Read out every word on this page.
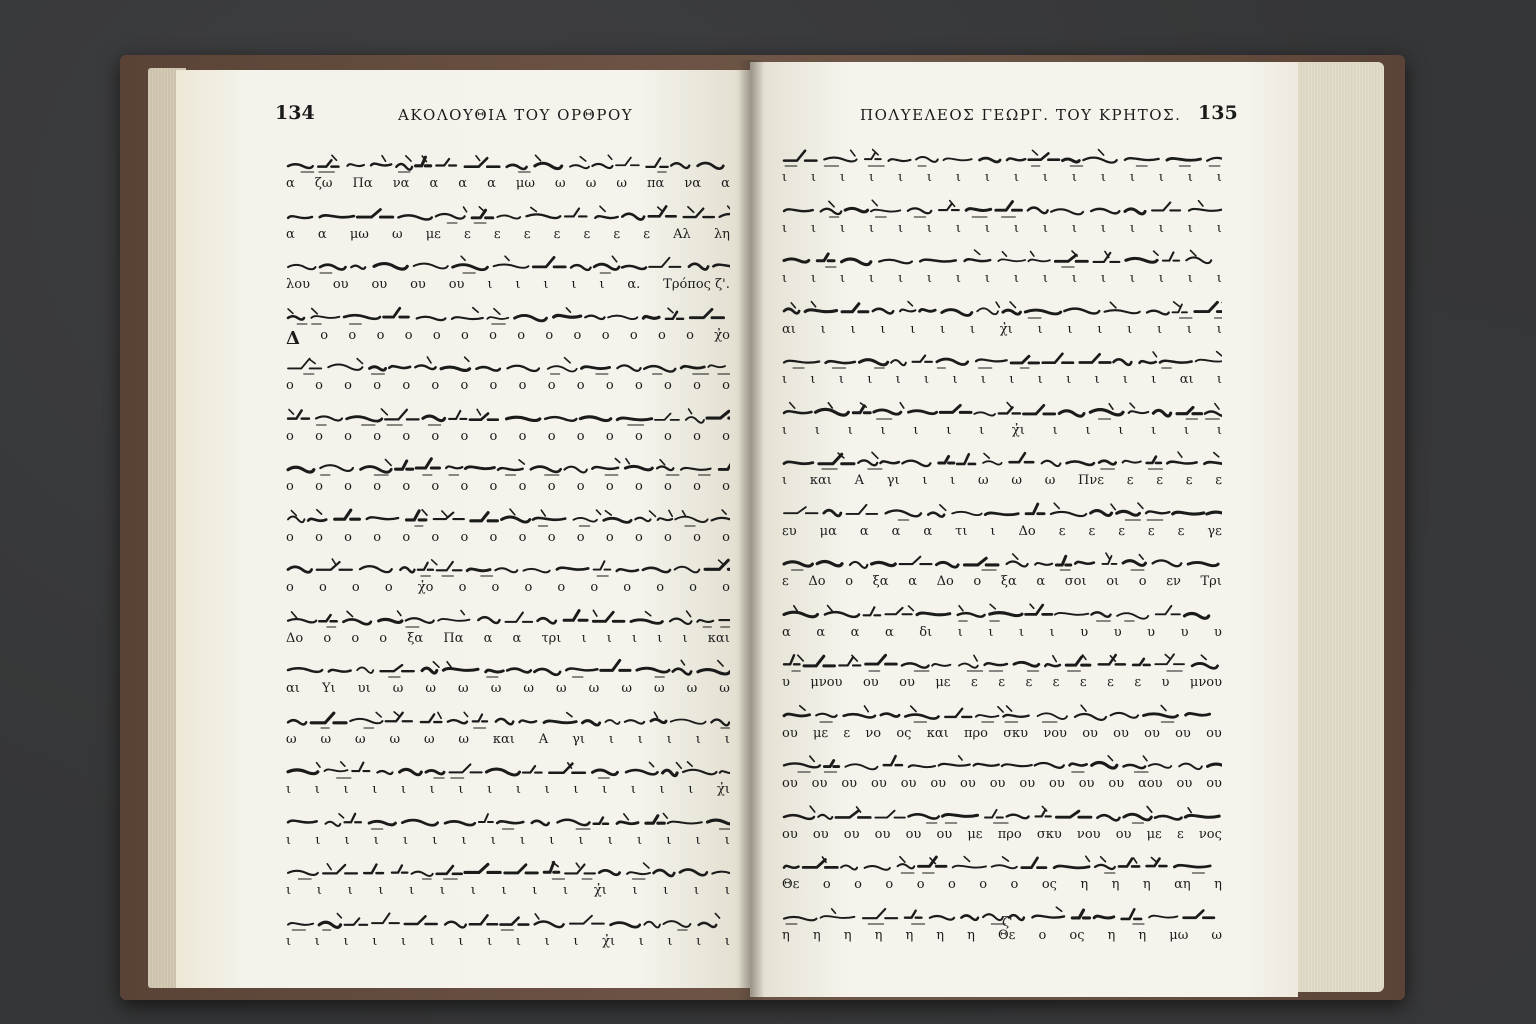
134	ΑΚΟΛΟΥΘΙΑ ΤΟΥ ΟΡΘΡΟΥ	ΠΟΛΥΕΛΕΟΣ ΓΕΩΡΓ. ΤΟΥ ΚΡΗΤΟΣ. 135
α ζω Πα να α α α μω ω ω ω πα να α
α α μω ω με ε ε ε ε ε ε ε Αλ λη
λου ου ου ου ου ι ι ι ι ι α. Τρόπος ζ'.
Δ ο ο ο ο ο ο ο ο ο ο ο ο ο ο χ̓ο
ο ο ο ο ο ο ο ο ο ο ο ο ο ο ο ο
ο ο ο ο ο ο ο ο ο ο ο ο ο ο ο ο
ο ο ο ο ο ο ο ο ο ο ο ο ο ο ο ο
ο ο ο ο ο ο ο ο ο ο ο ο ο ο ο ο
ο ο ο ο χ̓ο ο ο ο ο ο ο ο ο ο
Δο ο ο ο ξα Πα α α τρι ι ι ι ι ι και
αι Υι υι ω ω ω ω ω ω ω ω ω ω ω
ω ω ω ω ω ω και Α γι ι ι ι ι ι
ι ι ι ι ι ι ι ι ι ι ι ι ι ι ι χ̓ι
ι ι ι ι ι ι ι ι ι ι ι ι ι ι ι ι
ι ι ι ι ι ι ι ι ι ι χ̓ι ι ι ι ι
ι ι ι ι ι ι ι ι ι ι ι χ̓ι ι ι ι ι
ι ι ι ι ι ι ι ι ι ι ι ι ι ι ι ι
ι ι ι ι ι ι ι ι ι ι ι ι ι ι ι ι
ι ι ι ι ι ι ι ι ι ι ι ι ι ι ι ι
αι ι ι ι ι ι ι χ̓ι ι ι ι ι ι ι ι
ι ι ι ι ι ι ι ι ι ι ι ι ι ι αι ι
ι ι ι ι ι ι ι χ̓ι ι ι ι ι ι ι
ι και Α γι ι ι ω ω ω Πνε ε ε ε ε
ευ μα α α α τι ι Δο ε ε ε ε ε γε
ε Δο ο ξα α Δο ο ξα α σοι οι ο εν Τρι
α α α α δι ι ι ι ι υ υ υ υ υ
υ μνου ου ου με ε ε ε ε ε ε ε υ μνου
ου με ε νο ος και προ σκυ νου ου ου ου ου ου
ου ου ου ου ου ου ου ου ου ου ου ου αου ου ου
ου ου ου ου ου ου με προ σκυ νου ου με ε νος
Θε ο ο ο ο ο ο ο ος η η η αη η
η η η η η η η Θε ο ος η η μω ω
ζ'
